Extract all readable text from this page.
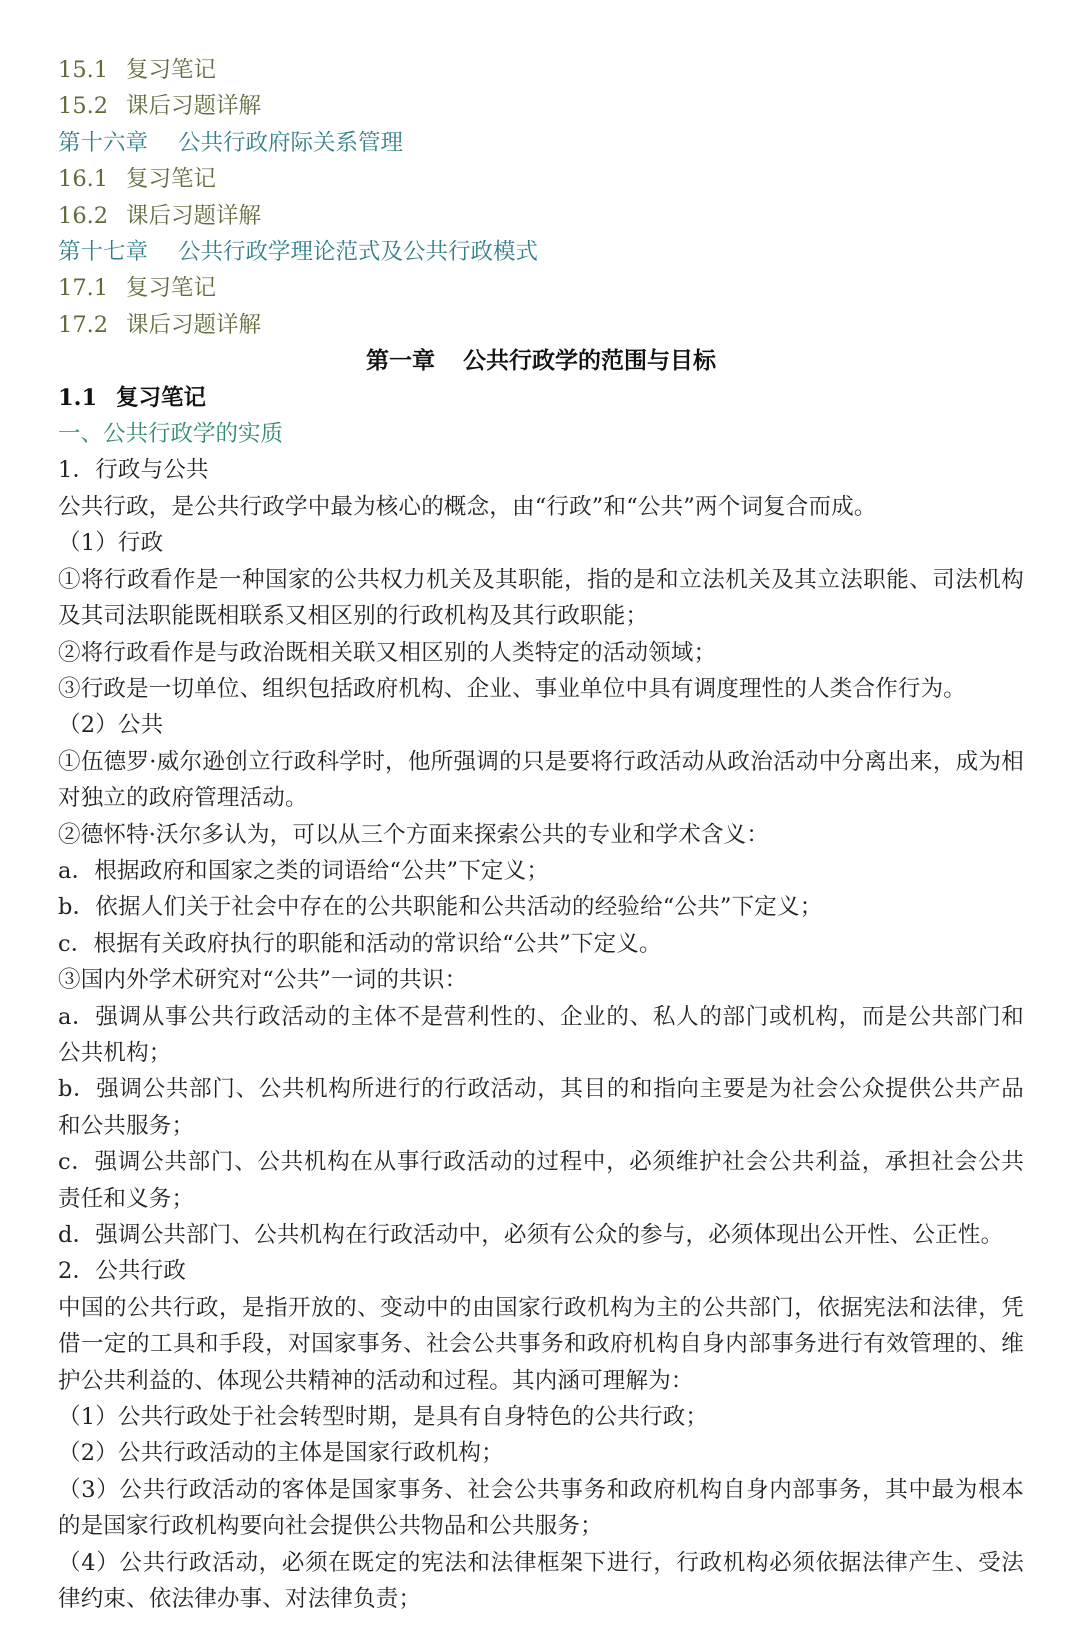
15.1 复习笔记
15.2 课后习题详解
第十六章 公共行政府际关系管理
16.1 复习笔记
16.2 课后习题详解
第十七章 公共行政学理论范式及公共行政模式
17.1 复习笔记
17.2 课后习题详解
第一章 公共行政学的范围与目标
1.1 复习笔记
一、公共行政学的实质
1．行政与公共
公共行政，是公共行政学中最为核心的概念，由“行政”和“公共”两个词复合而成。
（1）行政
①将行政看作是一种国家的公共权力机关及其职能，指的是和立法机关及其立法职能、司法机构及其司法职能既相联系又相区别的行政机构及其行政职能；
②将行政看作是与政治既相关联又相区别的人类特定的活动领域；
③行政是一切单位、组织包括政府机构、企业、事业单位中具有调度理性的人类合作行为。
（2）公共
①伍德罗·威尔逊创立行政科学时，他所强调的只是要将行政活动从政治活动中分离出来，成为相对独立的政府管理活动。
②德怀特·沃尔多认为，可以从三个方面来探索公共的专业和学术含义：
a．根据政府和国家之类的词语给“公共”下定义；
b．依据人们关于社会中存在的公共职能和公共活动的经验给“公共”下定义；
c．根据有关政府执行的职能和活动的常识给“公共”下定义。
③国内外学术研究对“公共”一词的共识：
a．强调从事公共行政活动的主体不是营利性的、企业的、私人的部门或机构，而是公共部门和公共机构；
b．强调公共部门、公共机构所进行的行政活动，其目的和指向主要是为社会公众提供公共产品和公共服务；
c．强调公共部门、公共机构在从事行政活动的过程中，必须维护社会公共利益，承担社会公共责任和义务；
d．强调公共部门、公共机构在行政活动中，必须有公众的参与，必须体现出公开性、公正性。
2．公共行政
中国的公共行政，是指开放的、变动中的由国家行政机构为主的公共部门，依据宪法和法律，凭借一定的工具和手段，对国家事务、社会公共事务和政府机构自身内部事务进行有效管理的、维护公共利益的、体现公共精神的活动和过程。其内涵可理解为：
（1）公共行政处于社会转型时期，是具有自身特色的公共行政；
（2）公共行政活动的主体是国家行政机构；
（3）公共行政活动的客体是国家事务、社会公共事务和政府机构自身内部事务，其中最为根本的是国家行政机构要向社会提供公共物品和公共服务；
（4）公共行政活动，必须在既定的宪法和法律框架下进行，行政机构必须依据法律产生、受法律约束、依法律办事、对法律负责；
